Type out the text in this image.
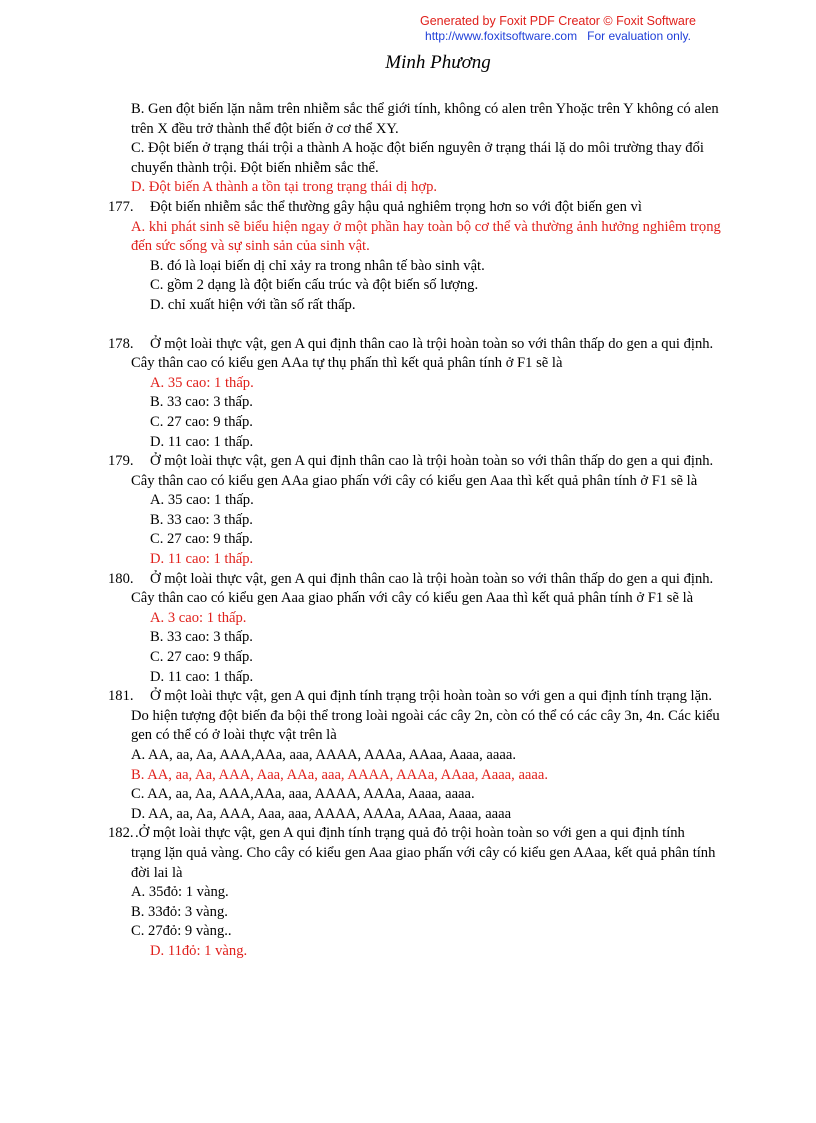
Generated by Foxit PDF Creator © Foxit Software
http://www.foxitsoftware.com For evaluation only.
Minh Phương
B. Gen đột biến lặn nằm trên nhiễm sắc thể giới tính, không có alen trên Yhoặc trên Y không có alen
trên X đều trở thành thể đột biến ở cơ thể XY.
C. Đột biến ở trạng thái trội a thành A hoặc đột biến nguyên ở trạng thái lặ do môi trường thay đổi
chuyển thành trội. Đột biến nhiễm sắc thể.
D. Đột biến A thành a tồn tại trong trạng thái dị hợp.
177. Đột biến nhiễm sắc thể thường gây hậu quả nghiêm trọng hơn so với đột biến gen vì
A. khi phát sinh sẽ biểu hiện ngay ở một phần hay toàn bộ cơ thể và thường ảnh hưởng nghiêm trọng
đến sức sống và sự sinh sản của sinh vật.
B. đó là loại biến dị chỉ xảy ra trong nhân tế bào sinh vật.
C. gồm 2 dạng là đột biến cấu trúc và đột biến số lượng.
D. chỉ xuất hiện với tần số rất thấp.
178. Ở một loài thực vật, gen A qui định thân cao là trội hoàn toàn so với thân thấp do gen a qui định.
Cây thân cao có kiểu gen AAa tự thụ phấn thì kết quả phân tính ở F1 sẽ là
A. 35 cao: 1 thấp.
B. 33 cao: 3 thấp.
C. 27 cao: 9 thấp.
D. 11 cao: 1 thấp.
179. Ở một loài thực vật, gen A qui định thân cao là trội hoàn toàn so với thân thấp do gen a qui định.
Cây thân cao có kiểu gen AAa giao phấn với cây có kiểu gen Aaa thì kết quả phân tính ở F1 sẽ là
A. 35 cao: 1 thấp.
B. 33 cao: 3 thấp.
C. 27 cao: 9 thấp.
D. 11 cao: 1 thấp.
180. Ở một loài thực vật, gen A qui định thân cao là trội hoàn toàn so với thân thấp do gen a qui định.
Cây thân cao có kiểu gen Aaa giao phấn với cây có kiểu gen Aaa thì kết quả phân tính ở F1 sẽ là
A. 3 cao: 1 thấp.
B. 33 cao: 3 thấp.
C. 27 cao: 9 thấp.
D. 11 cao: 1 thấp.
181. Ở một loài thực vật, gen A qui định tính trạng trội hoàn toàn so với gen a qui định tính trạng lặn.
Do hiện tượng đột biến đa bội thể trong loài ngoài các cây 2n, còn có thể có các cây 3n, 4n. Các kiểu
gen có thể có ở loài thực vật trên là
A. AA, aa, Aa, AAA,AAa, aaa, AAAA, AAAa, AAaa, Aaaa, aaaa.
B. AA, aa, Aa, AAA, Aaa, AAa, aaa, AAAA, AAAa, AAaa, Aaaa, aaaa.
C. AA, aa, Aa, AAA,AAa, aaa, AAAA, AAAa, Aaaa, aaaa.
D. AA, aa, Aa, AAA, Aaa, aaa, AAAA, AAAa, AAaa, Aaaa, aaaa
182. .Ở một loài thực vật, gen A qui định tính trạng quả đỏ trội hoàn toàn so với gen a qui định tính
trạng lặn quả vàng. Cho cây có kiểu gen Aaa giao phấn với cây có kiểu gen AAaa, kết quả phân tính
đời lai là
A. 35đỏ: 1 vàng.
B. 33đỏ: 3 vàng.
C. 27đỏ: 9 vàng..
D. 11đỏ: 1 vàng.
